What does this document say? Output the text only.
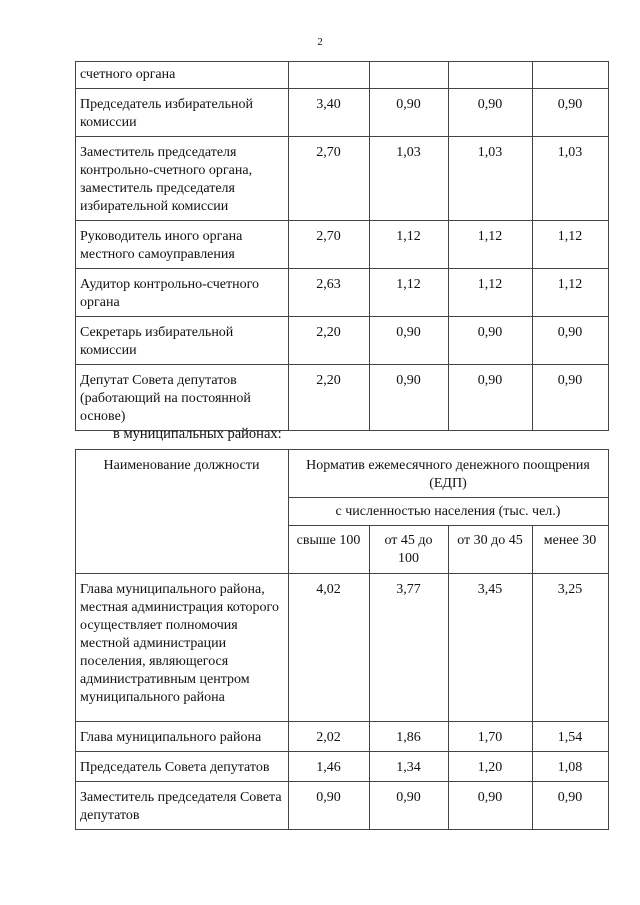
2
счетного органа				
Председатель избирательной комиссии	3,40	0,90	0,90	0,90
Заместитель председателя контрольно-счетного органа, заместитель председателя избирательной комиссии	2,70	1,03	1,03	1,03
Руководитель иного органа местного самоуправления	2,70	1,12	1,12	1,12
Аудитор контрольно-счетного органа	2,63	1,12	1,12	1,12
Секретарь избирательной комиссии	2,20	0,90	0,90	0,90
Депутат Совета депутатов (работающий на постоянной основе)	2,20	0,90	0,90	0,90
в муниципальных районах:
Наименование должности	Норматив ежемесячного денежного поощрения (ЕДП)			
	с численностью населения (тыс. чел.)			
	свыше 100	от 45 до 100	от 30 до 45	менее 30
Глава муниципального района, местная администрация которого осуществляет полномочия местной администрации поселения, являющегося административным центром муниципального района	4,02	3,77	3,45	3,25
Глава муниципального района	2,02	1,86	1,70	1,54
Председатель Совета депутатов	1,46	1,34	1,20	1,08
Заместитель председателя Совета депутатов	0,90	0,90	0,90	0,90
